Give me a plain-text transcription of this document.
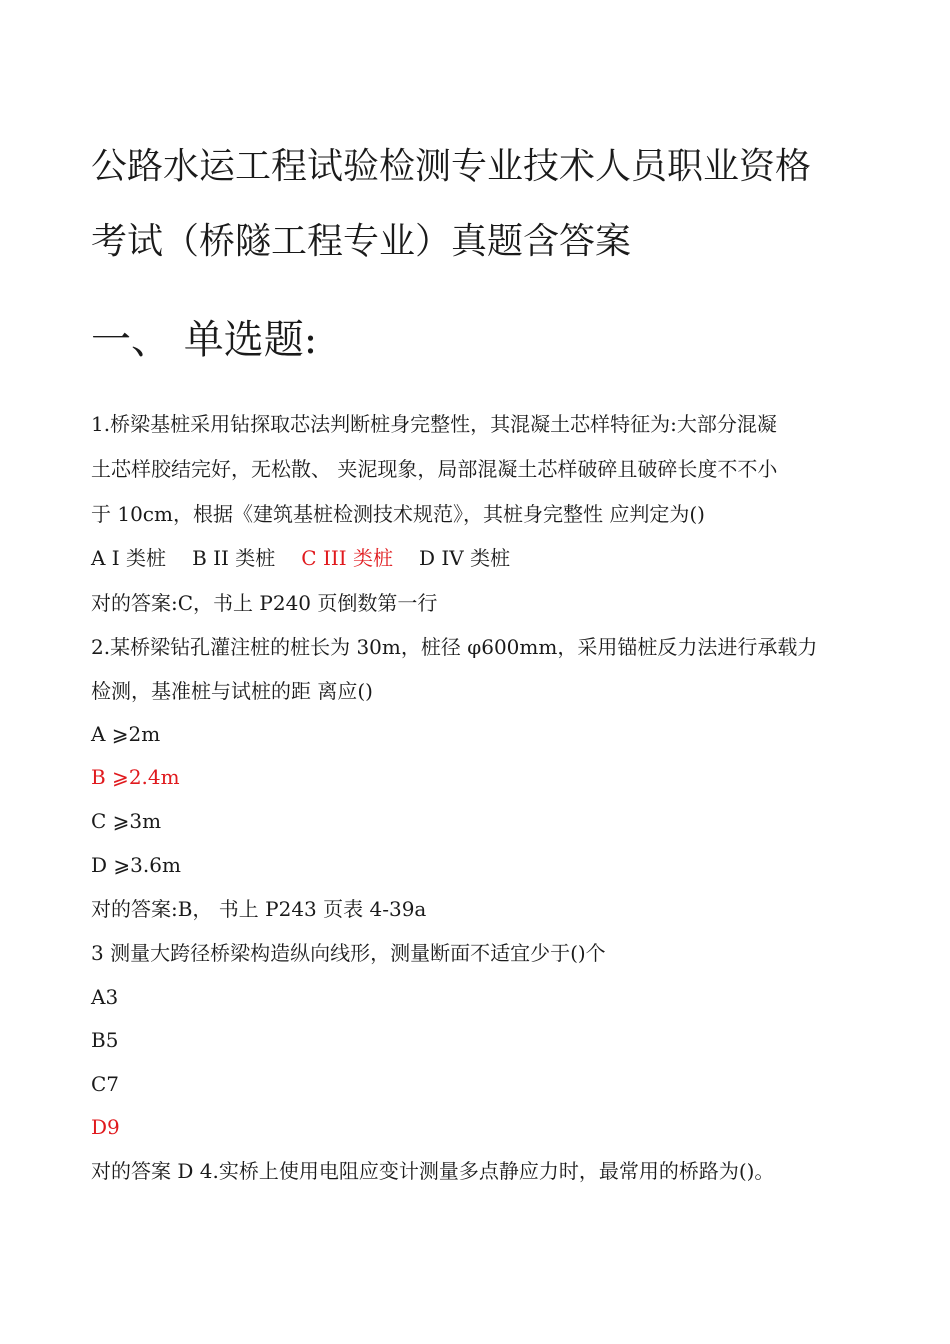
公路水运工程试验检测专业技术人员职业资格
考试（桥隧工程专业）真题含答案
一、 单选题:
1.桥梁基桩采用钻探取芯法判断桩身完整性，其混凝土芯样特征为:大部分混凝
土芯样胶结完好，无松散、 夹泥现象，局部混凝土芯样破碎且破碎长度不不小
于 10cm，根据《建筑基桩检测技术规范》，其桩身完整性 应判定为()
A I 类桩 B II 类桩 C III 类桩 D IV 类桩
对的答案:C，书上 P240 页倒数第一行
2.某桥梁钻孔灌注桩的桩长为 30m，桩径 φ600mm，采用锚桩反力法进行承载力
检测，基准桩与试桩的距 离应()
A ⩾2m
B ⩾2.4m
C ⩾3m
D ⩾3.6m
对的答案:B， 书上 P243 页表 4-39a
3 测量大跨径桥梁构造纵向线形，测量断面不适宜少于()个
A3
B5
C7
D9
对的答案 D 4.实桥上使用电阻应变计测量多点静应力时，最常用的桥路为()。
